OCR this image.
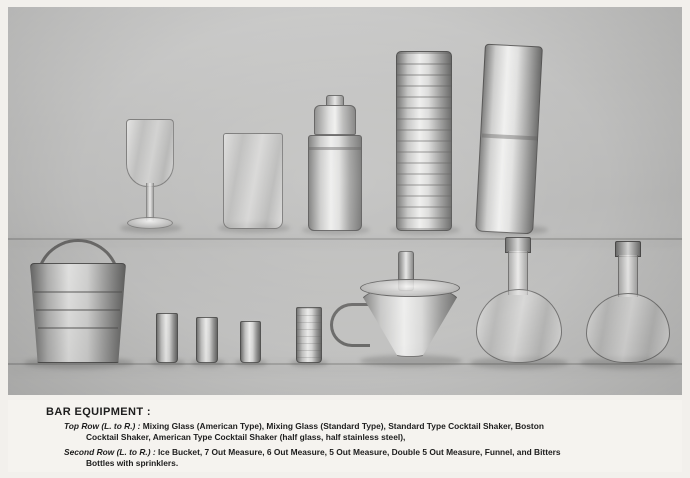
BAR EQUIPMENT :
Top Row (L. to R.) : Mixing Glass (American Type), Mixing Glass (Standard Type), Standard Type Cocktail Shaker, Boston
Cocktail Shaker, American Type Cocktail Shaker (half glass, half stainless steel),
Second Row (L. to R.) : Ice Bucket, 7 Out Measure, 6 Out Measure, 5 Out Measure, Double 5 Out Measure, Funnel, and Bitters
Bottles with sprinklers.
